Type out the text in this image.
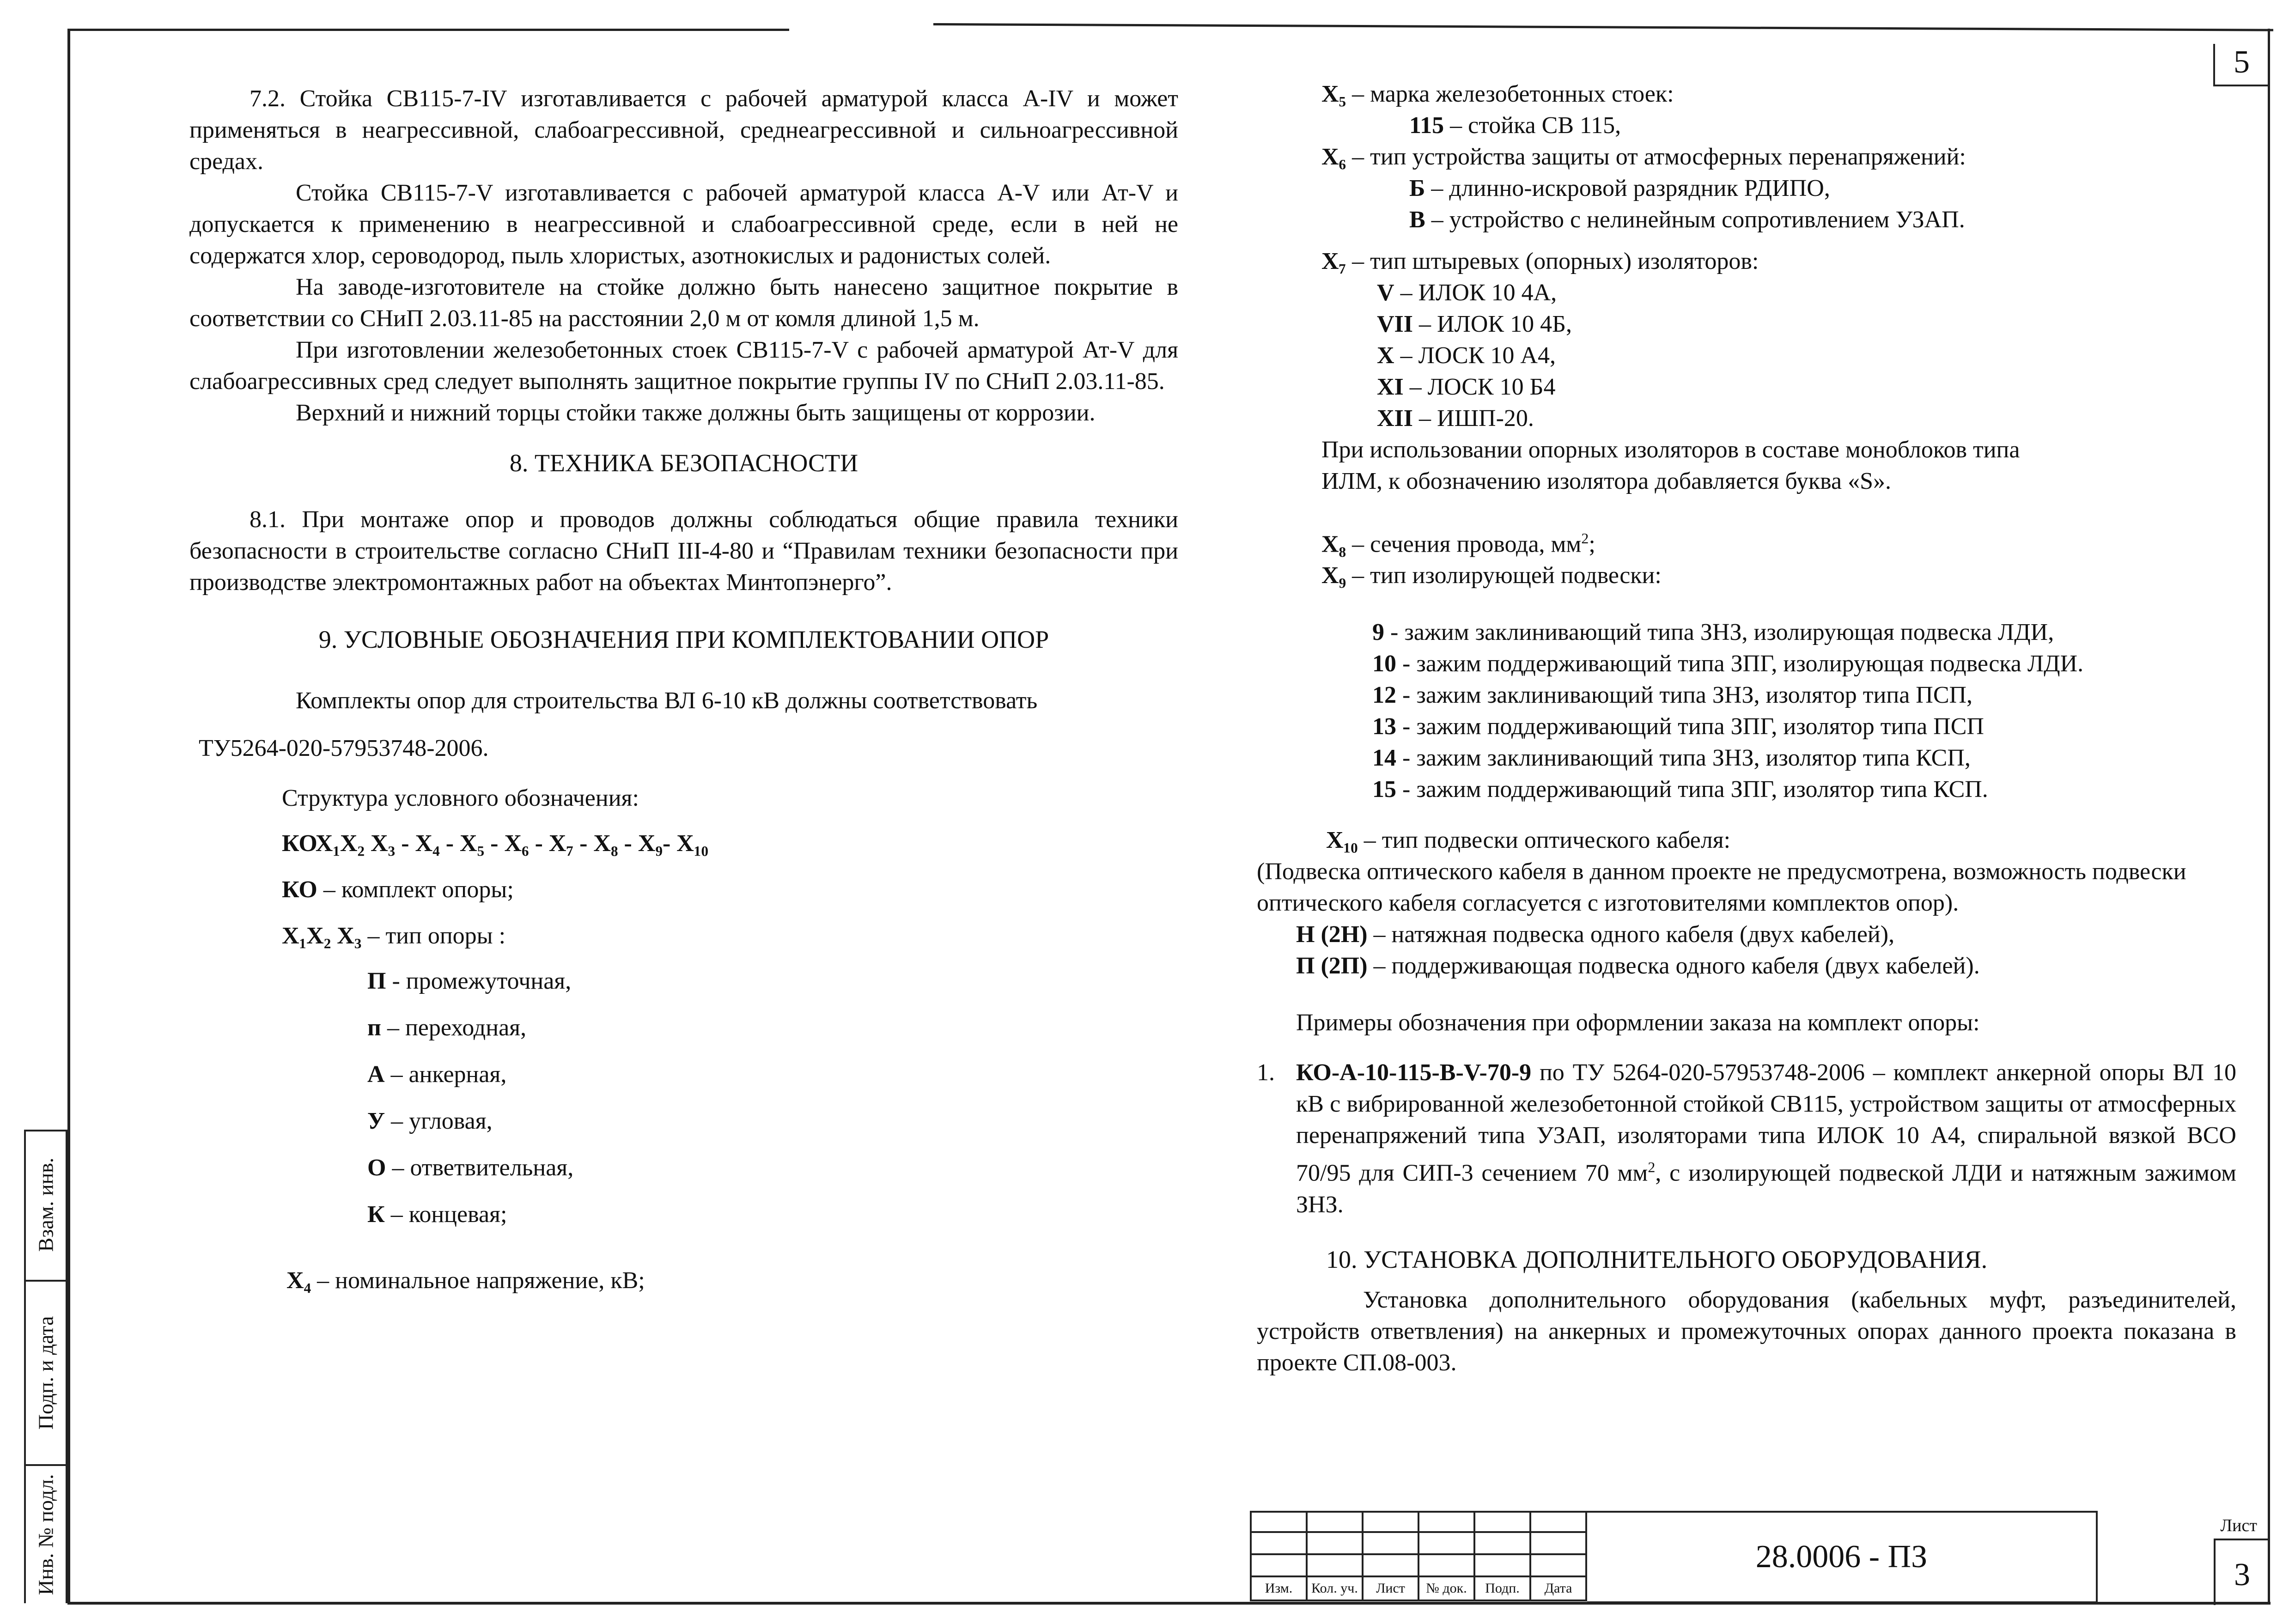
5
Взам. инв.
Подп. и дата
Инв. № подл.

7.2. Стойка СВ115-7-IV изготавливается с рабочей арматурой класса А-IV и может применяться в неагрессивной, слабоагрессивной, среднеагрессивной и сильноагрессивной средах.

Стойка СВ115-7-V изготавливается с рабочей арматурой класса А-V или Ат-V и допускается к применению в неагрессивной и слабоагрессивной среде, если в ней не содержатся хлор, сероводород, пыль хлористых, азотнокислых и радонистых солей.

На заводе-изготовителе на стойке должно быть нанесено защитное покрытие в соответствии со СНиП 2.03.11-85 на расстоянии 2,0 м от комля длиной 1,5 м.

При изготовлении железобетонных стоек СВ115-7-V с рабочей арматурой Ат-V для слабоагрессивных сред следует выполнять защитное покрытие группы IV по СНиП 2.03.11-85.

Верхний и нижний торцы стойки также должны быть защищены от коррозии.

8. ТЕХНИКА БЕЗОПАСНОСТИ

8.1. При монтаже опор и проводов должны соблюдаться общие правила техники безопасности в строительстве согласно СНиП III-4-80 и “Правилам техники безопасности при производстве электромонтажных работ на объектах Минтопэнерго”.

9. УСЛОВНЫЕ ОБОЗНАЧЕНИЯ ПРИ КОМПЛЕКТОВАНИИ ОПОР

Комплекты опор для строительства ВЛ 6-10 кВ должны соответствовать

ТУ5264-020-57953748-2006.

Структура условного обозначения:

КОХ₁Х₂ Х₃ - Х₄ - Х₅ - Х₆ - Х₇ - Х₈ - Х₉- Х₁₀
КО – комплект опоры;
Х₁Х₂ Х₃ – тип опоры :
П - промежуточная,
п – переходная,
А – анкерная,
У – угловая,
О – ответвительная,
К – концевая;
Х₄ – номинальное напряжение, кВ;
Х₅ – марка железобетонных стоек:
115 – стойка СВ 115,
Х₆ – тип устройства защиты от атмосферных перенапряжений:
Б – длинно-искровой разрядник РДИПО,
В – устройство с нелинейным сопротивлением УЗАП.
Х₇ – тип штыревых (опорных) изоляторов:
V – ИЛОК 10 4А,
VII – ИЛОК 10 4Б,
X – ЛОСК 10 А4,
XI – ЛОСК 10 Б4
XII – ИШП-20.

При использовании опорных изоляторов в составе моноблоков типа ИЛМ, к обозначению изолятора добавляется буква «S».

Х₈ – сечения провода, $мм^2$;
Х₉ – тип изолирующей подвески:
9 - зажим заклинивающий типа ЗНЗ, изолирующая подвеска ЛДИ,
10 - зажим поддерживающий типа ЗПГ, изолирующая подвеска ЛДИ.
12 - зажим заклинивающий типа ЗНЗ, изолятор типа ПСП,
13 - зажим поддерживающий типа ЗПГ, изолятор типа ПСП
14 - зажим заклинивающий типа ЗНЗ, изолятор типа КСП,
15 - зажим поддерживающий типа ЗПГ, изолятор типа КСП.
Х₁₀ – тип подвески оптического кабеля:

(Подвеска оптического кабеля в данном проекте не предусмотрена, возможность подвески оптического кабеля согласуется с изготовителями комплектов опор).

Н (2Н) – натяжная подвеска одного кабеля (двух кабелей),
П (2П) – поддерживающая подвеска одного кабеля (двух кабелей).
Примеры обозначения при оформлении заказа на комплект опоры:
1. КО-А-10-115-В-V-70-9 по ТУ 5264-020-57953748-2006 – комплект анкерной опоры ВЛ 10 кВ с вибрированной железобетонной стойкой СВ115, устройством защиты от атмосферных перенапряжений типа УЗАП, изоляторами типа ИЛОК 10 А4, спиральной вязкой ВСО 70/95 для СИП-3 сечением 70 $мм^2$, с изолирующей подвеской ЛДИ и натяжным зажимом ЗНЗ.

10. УСТАНОВКА ДОПОЛНИТЕЛЬНОГО ОБОРУДОВАНИЯ.

Установка дополнительного оборудования (кабельных муфт, разъединителей, устройств ответвления) на анкерных и промежуточных опорах данного проекта показана в проекте СП.08-003.

Изм.	Кол. уч.	Лист	№ док.	Подп.	Дата
28.0006 - ПЗ
Лист
3
